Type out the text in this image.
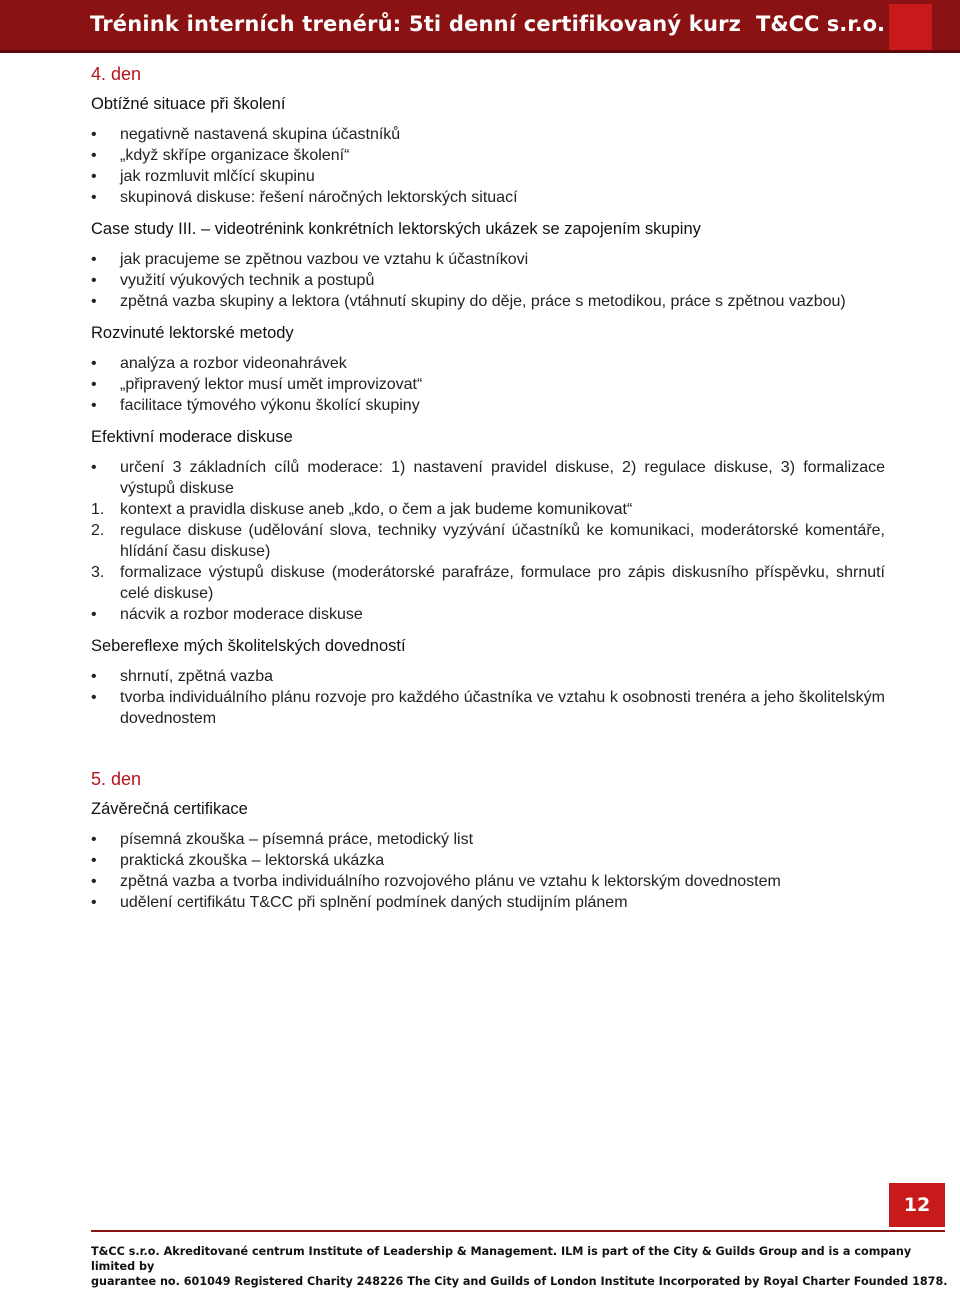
Trénink interních trenérů: 5ti denní certifikovaný kurz T&CC s.r.o.
4. den
Obtížné situace při školení
• negativně nastavená skupina účastníků
• „když skřípe organizace školení“
• jak rozmluvit mlčící skupinu
• skupinová diskuse: řešení náročných lektorských situací
Case study III. – videotrénink konkrétních lektorských ukázek se zapojením skupiny
• jak pracujeme se zpětnou vazbou ve vztahu k účastníkovi
• využití výukových technik a postupů
• zpětná vazba skupiny a lektora (vtáhnutí skupiny do děje, práce s metodikou, práce s zpětnou vazbou)
Rozvinuté lektorské metody
• analýza a rozbor videonahrávek
• „připravený lektor musí umět improvizovat“
• facilitace týmového výkonu školící skupiny
Efektivní moderace diskuse
• určení 3 základních cílů moderace: 1) nastavení pravidel diskuse, 2) regulace diskuse, 3) formalizace výstupů diskuse
1. kontext a pravidla diskuse aneb „kdo, o čem a jak budeme komunikovat“
2. regulace diskuse (udělování slova, techniky vyzývání účastníků ke komunikaci, moderátorské komentáře, hlídání času diskuse)
3. formalizace výstupů diskuse (moderátorské parafráze, formulace pro zápis diskusního příspěvku, shrnutí celé diskuse)
• nácvik a rozbor moderace diskuse
Sebereflexe mých školitelských dovedností
• shrnutí, zpětná vazba
• tvorba individuálního plánu rozvoje pro každého účastníka ve vztahu k osobnosti trenéra a jeho školitelským dovednostem
5. den
Závěrečná certifikace
• písemná zkouška – písemná práce, metodický list
• praktická zkouška – lektorská ukázka
• zpětná vazba a tvorba individuálního rozvojového plánu ve vztahu k lektorským dovednostem
• udělení certifikátu T&CC při splnění podmínek daných studijním plánem
12
T&CC s.r.o. Akreditované centrum Institute of Leadership & Management. ILM is part of the City & Guilds Group and is a company limited by
guarantee no. 601049 Registered Charity 248226 The City and Guilds of London Institute Incorporated by Royal Charter Founded 1878.
